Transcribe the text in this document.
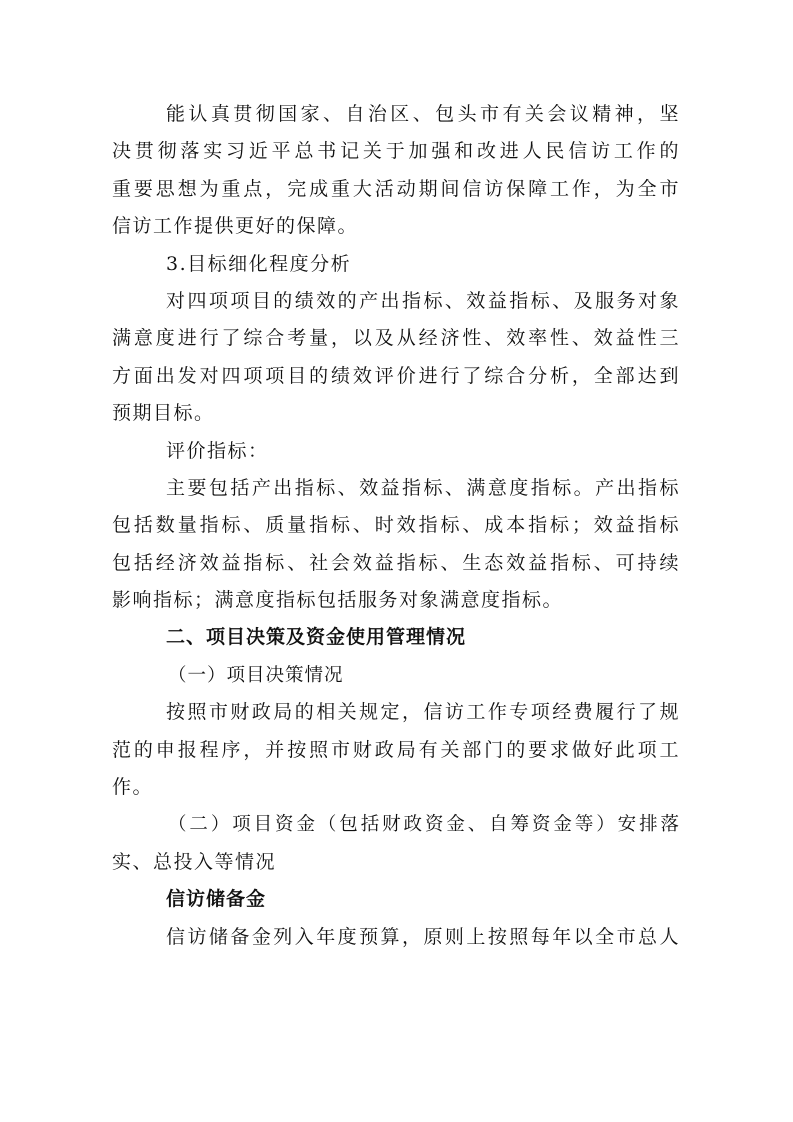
能认真贯彻国家、自治区、包头市有关会议精神，坚
决贯彻落实习近平总书记关于加强和改进人民信访工作的
重要思想为重点，完成重大活动期间信访保障工作，为全市
信访工作提供更好的保障。
3.目标细化程度分析
对四项项目的绩效的产出指标、效益指标、及服务对象
满意度进行了综合考量，以及从经济性、效率性、效益性三
方面出发对四项项目的绩效评价进行了综合分析，全部达到
预期目标。
评价指标：
主要包括产出指标、效益指标、满意度指标。产出指标
包括数量指标、质量指标、时效指标、成本指标；效益指标
包括经济效益指标、社会效益指标、生态效益指标、可持续
影响指标；满意度指标包括服务对象满意度指标。
二、项目决策及资金使用管理情况
（一）项目决策情况
按照市财政局的相关规定，信访工作专项经费履行了规
范的申报程序，并按照市财政局有关部门的要求做好此项工
作。
（二）项目资金（包括财政资金、自筹资金等）安排落
实、总投入等情况
信访储备金
信访储备金列入年度预算，原则上按照每年以全市总人
